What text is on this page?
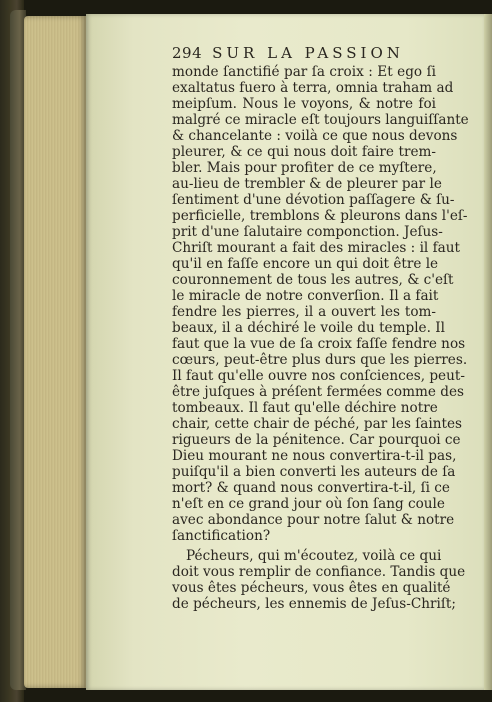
294 SUR LA PASSION
monde ſanctifié par ſa croix : Et ego ſi
exaltatus fuero à terra, omnia traham ad
meipſum. Nous le voyons, & notre foi
malgré ce miracle eſt toujours languiſſante
& chancelante : voilà ce que nous devons
pleurer, & ce qui nous doit faire trem-
bler. Mais pour profiter de ce myſtere,
au-lieu de trembler & de pleurer par le
ſentiment d'une dévotion paſſagere & ſu-
perficielle, tremblons & pleurons dans l'eſ-
prit d'une ſalutaire componction. Jeſus-
Chriſt mourant a fait des miracles : il faut
qu'il en faſſe encore un qui doit être le
couronnement de tous les autres, & c'eſt
le miracle de notre converſion. Il a fait
fendre les pierres, il a ouvert les tom-
beaux, il a déchiré le voile du temple. Il
faut que la vue de ſa croix faſſe fendre nos
cœurs, peut-être plus durs que les pierres.
Il faut qu'elle ouvre nos conſciences, peut-
être juſques à préſent fermées comme des
tombeaux. Il faut qu'elle déchire notre
chair, cette chair de péché, par les ſaintes
rigueurs de la pénitence. Car pourquoi ce
Dieu mourant ne nous convertira-t-il pas,
puiſqu'il a bien converti les auteurs de ſa
mort? & quand nous convertira-t-il, ſi ce
n'eſt en ce grand jour où ſon ſang coule
avec abondance pour notre ſalut & notre
ſanctification?
Pécheurs, qui m'écoutez, voilà ce qui
doit vous remplir de confiance. Tandis que
vous êtes pécheurs, vous êtes en qualité
de pécheurs, les ennemis de Jeſus-Chriſt;
